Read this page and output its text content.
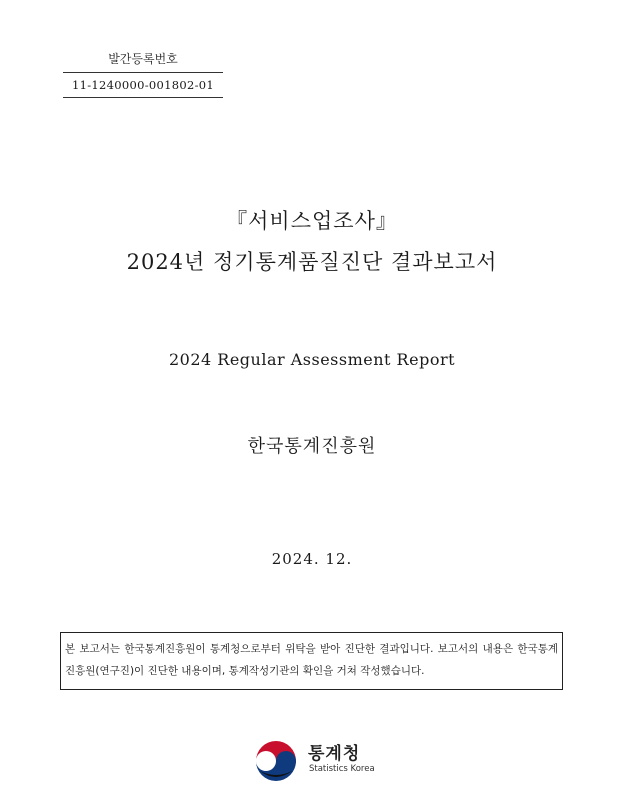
발간등록번호
11-1240000-001802-01
『서비스업조사』
2024년 정기통계품질진단 결과보고서
2024 Regular Assessment Report
한국통계진흥원
2024. 12.
본 보고서는 한국통계진흥원이 통계청으로부터 위탁을 받아 진단한 결과입니다. 보고서의 내용은 한국통계진흥원(연구진)이 진단한 내용이며, 통계작성기관의 확인을 거쳐 작성했습니다.
통계청
Statistics Korea
